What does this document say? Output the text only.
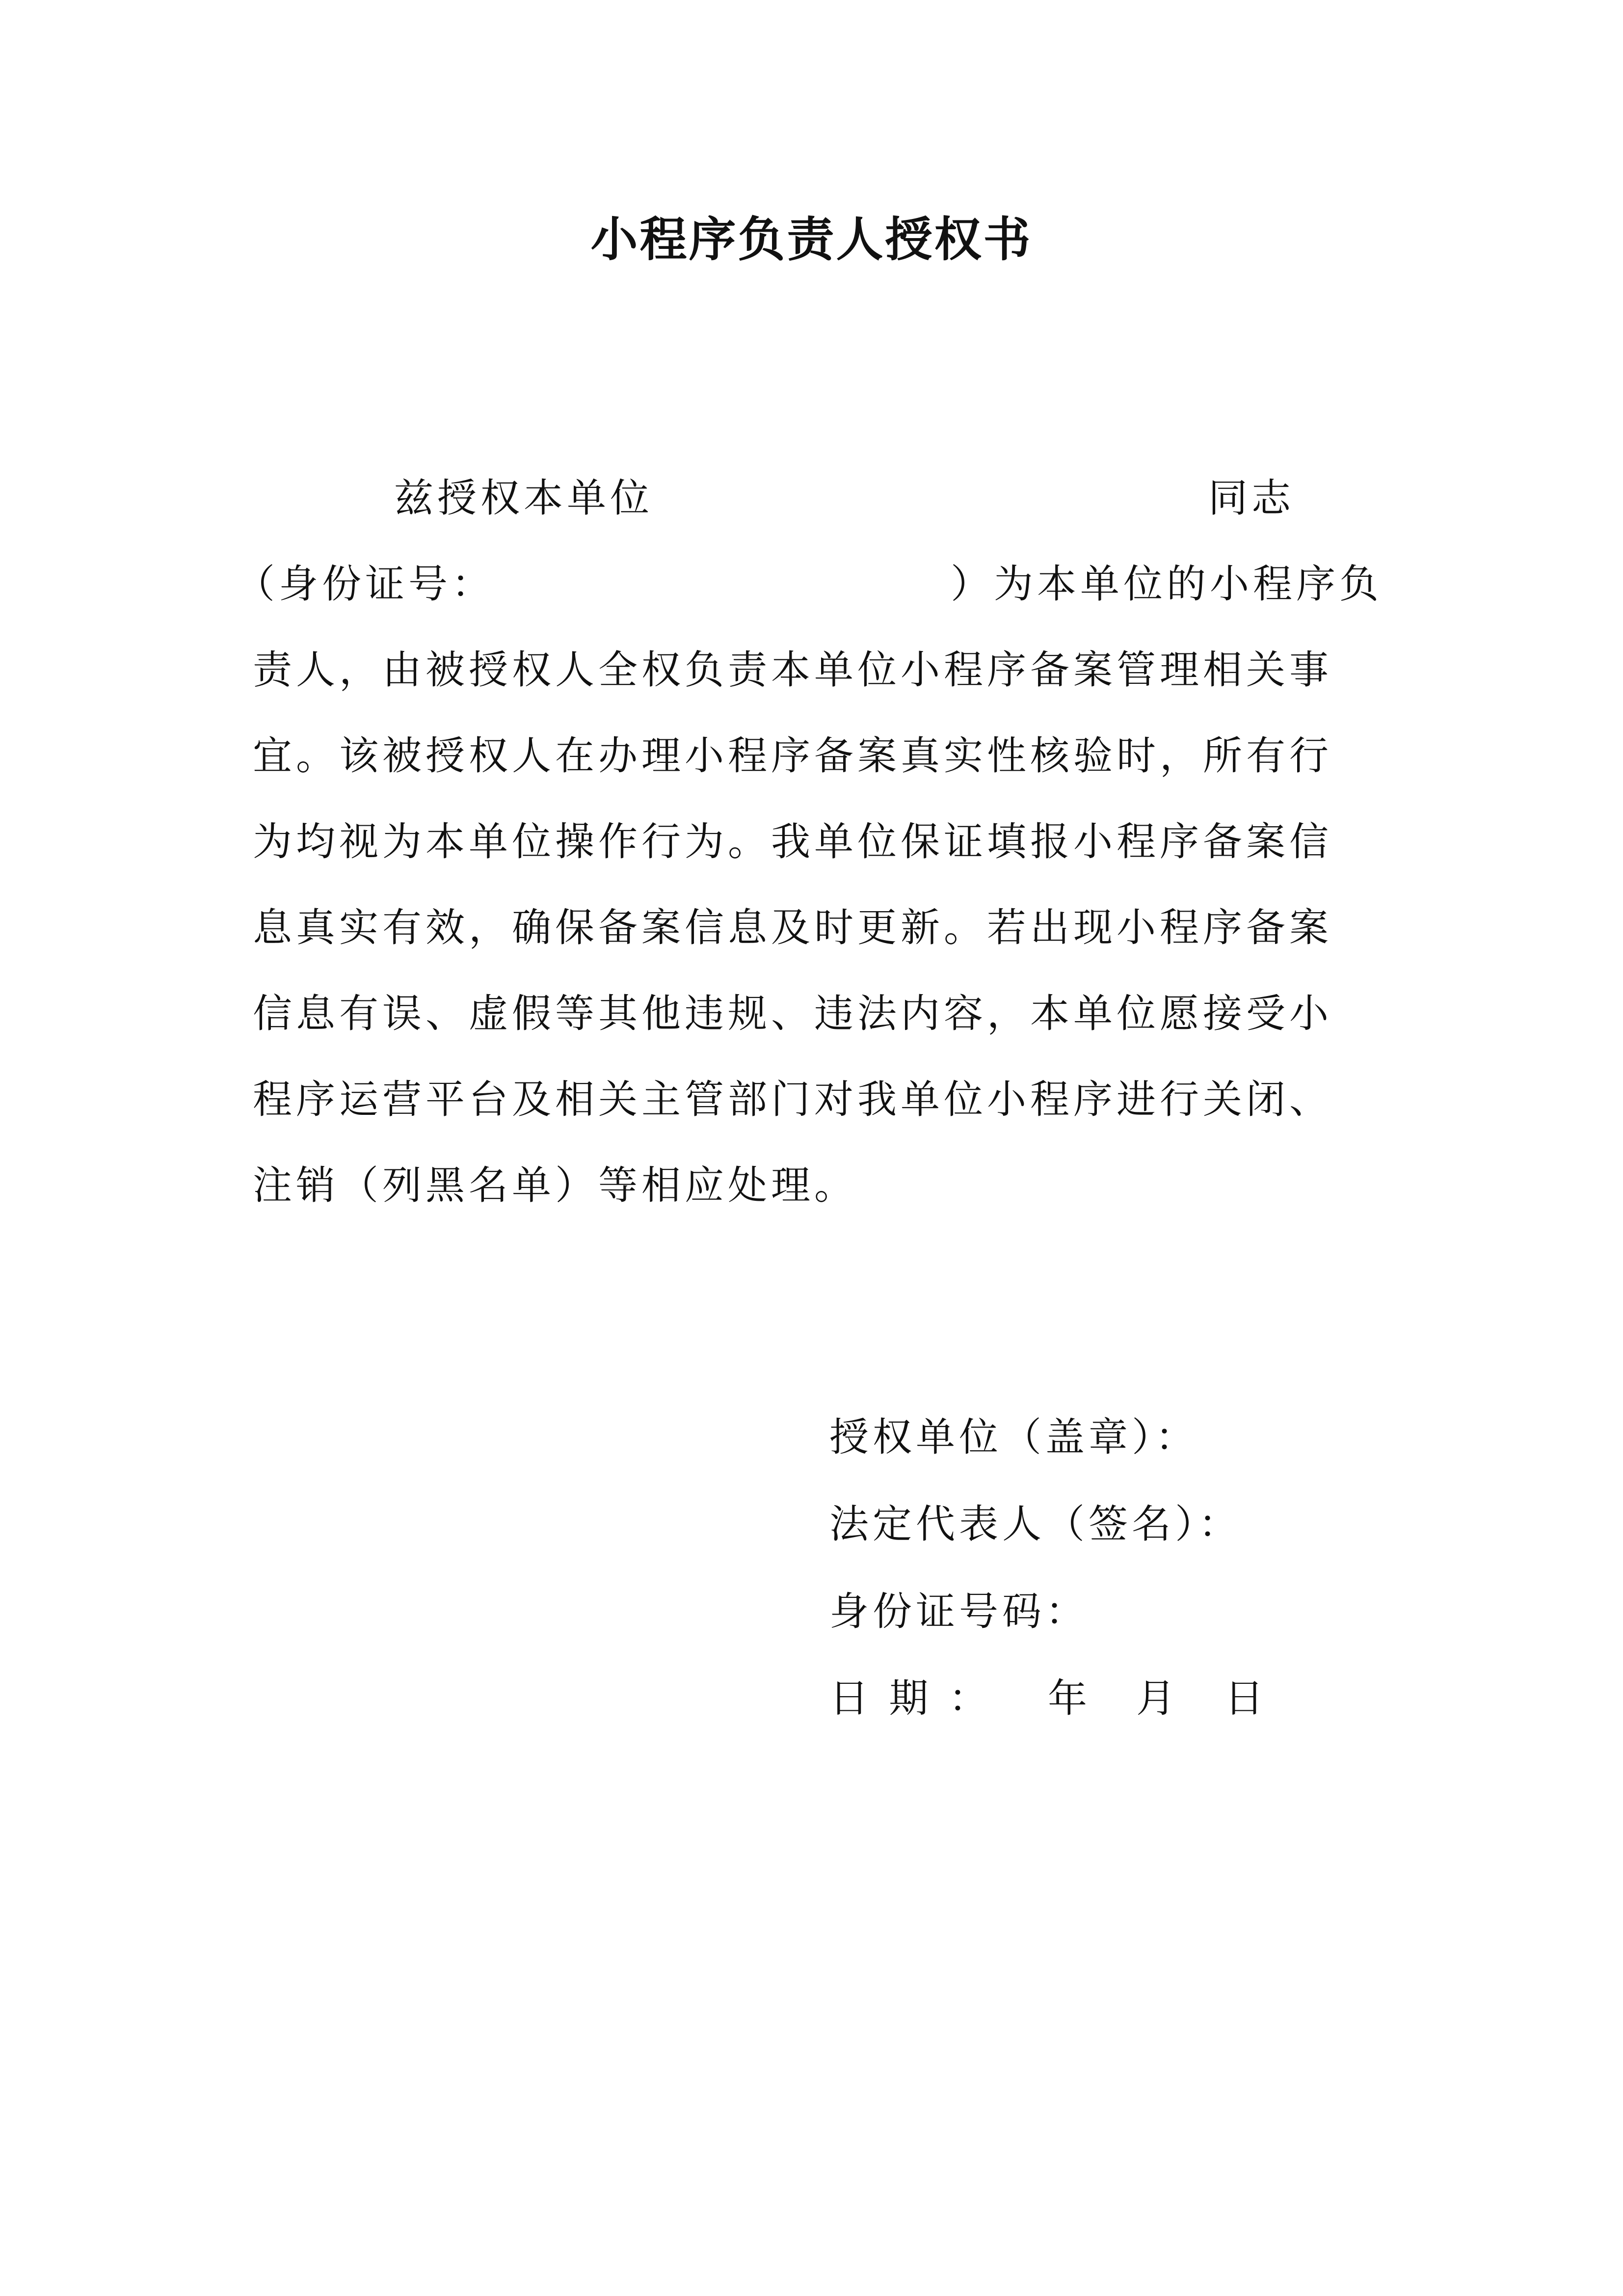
小程序负责人授权书
兹授权本单位	同志
（身份证号：	）为本单位的小程序负
责人，由被授权人全权负责本单位小程序备案管理相关事
宜。该被授权人在办理小程序备案真实性核验时，所有行
为均视为本单位操作行为。我单位保证填报小程序备案信
息真实有效，确保备案信息及时更新。若出现小程序备案
信息有误、虚假等其他违规、违法内容，本单位愿接受小
程序运营平台及相关主管部门对我单位小程序进行关闭、
注销（列黑名单）等相应处理。
授权单位（盖章）：
法定代表人（签名）：
身份证号码：
日 期 ： 年 月 日
